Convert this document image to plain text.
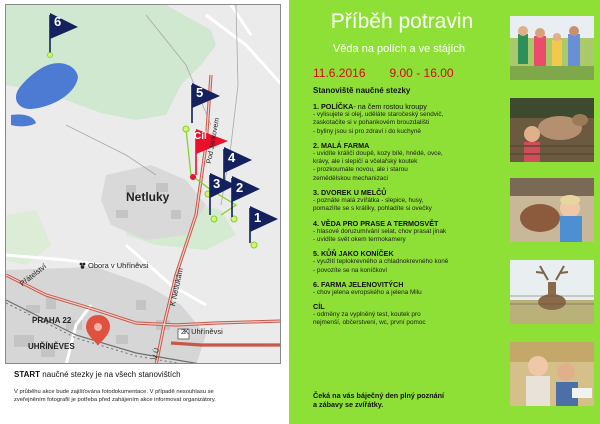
6
5
4
3 2
1
Cíl
Netluky
Obora v Uhříněvsi
Přátelství
PRAHA 22
UHŘÍNĚVES
K Netlukám
K Uhříněvsi
Pod Jankovem
V Ú
2
START naučné stezky je na všech stanovištích
V průběhu akce bude zajišťována fotodokumentace. V případě nesouhlasu se
zveřejněním fotografií je potřeba před zahájením akce informovat organizátory.
Příběh potravin
Věda na polích a ve stájích
11.6.2016 9.00 - 16.00
Stanoviště naučné stezky
1. POLÍČKA- na čem rostou kroupy
- vylisujete si olej, uděláte staročeský sendvič,
zaskotačíte si v pohankovém brouzdališti
- byliny jsou si pro zdraví i do kuchyně
2. MALÁ FARMA
- uvidíte králičí doupě, kozy bílé, hnědé, ovce,
krávy, ale i slepičí a včelařský koutek
- prozkoumáte novou, ale i starou
zemědělskou mechanizaci
3. DVOREK U MELČŮ
- poznáte malá zvířátka - slepice, husy,
pomazlíte se s králíky, pohladíte si ovečky
4. VĚDA PRO PRASE A TERMOSVĚT
- hlasové doruzumívání selat, chov prasat jinak
- uvidíte svět okem termokamery
5. KŮŇ JAKO KONÍČEK
- využití teplokrevného a chladnokrevného koně
- povozíte se na koníčkovi
6. FARMA JELENOVITÝCH
- chov jelena evropského a jelena Milu
CÍL
- odměny za vyplněný test, koutek pro
nejmenší, občerstvení, wc, první pomoc
Čeká na vás báječný den plný poznání
a zábavy se zvířátky.
